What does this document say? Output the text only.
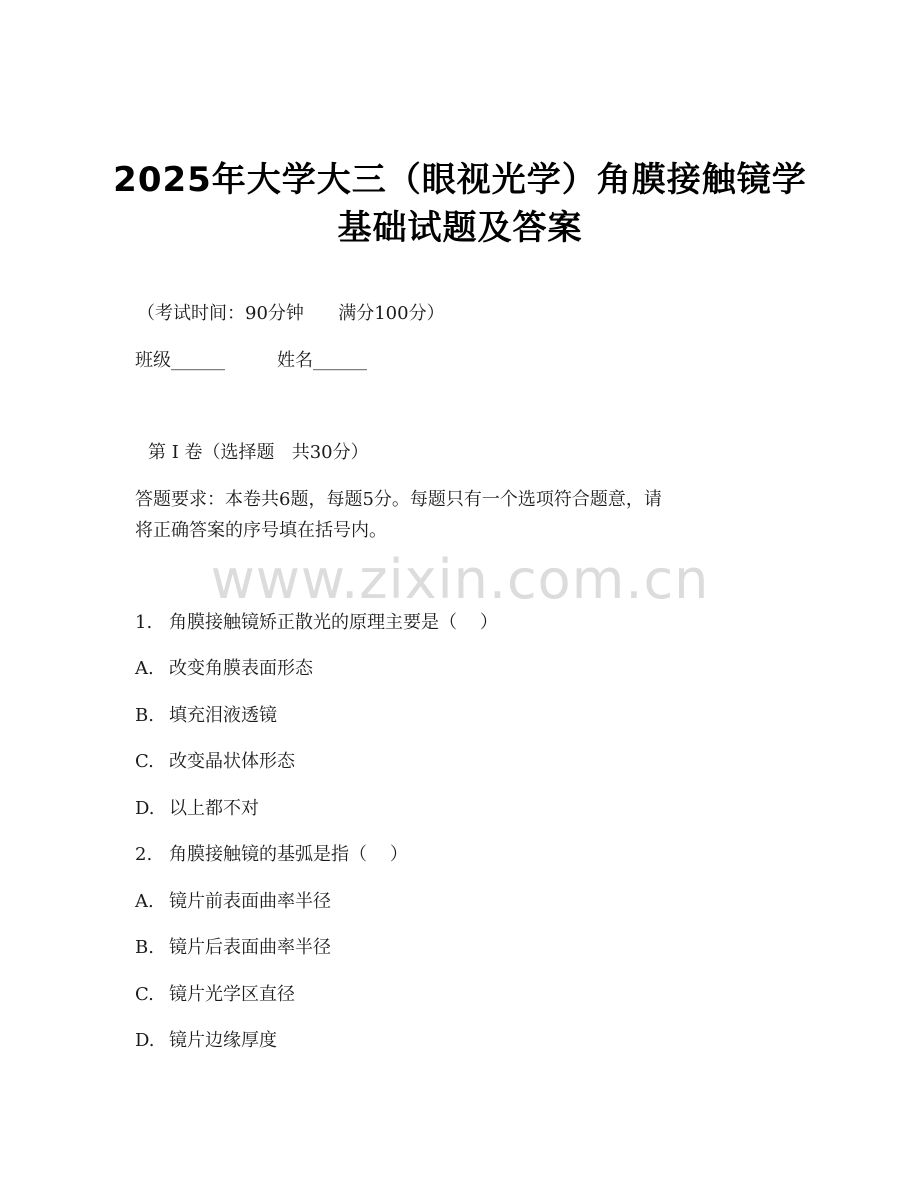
2025年大学大三（眼视光学）角膜接触镜学
基础试题及答案

（考试时间：90分钟      满分100分）

班级______	姓名______

第 I 卷（选择题   共30分）

答题要求：本卷共6题，每题5分。每题只有一个选项符合题意，请

将正确答案的序号填在括号内。

www.zixin.com.cn

1. 角膜接触镜矫正散光的原理主要是（    ）

A. 改变角膜表面形态

B. 填充泪液透镜

C. 改变晶状体形态

D. 以上都不对

2. 角膜接触镜的基弧是指（    ）

A. 镜片前表面曲率半径

B. 镜片后表面曲率半径

C. 镜片光学区直径

D. 镜片边缘厚度
